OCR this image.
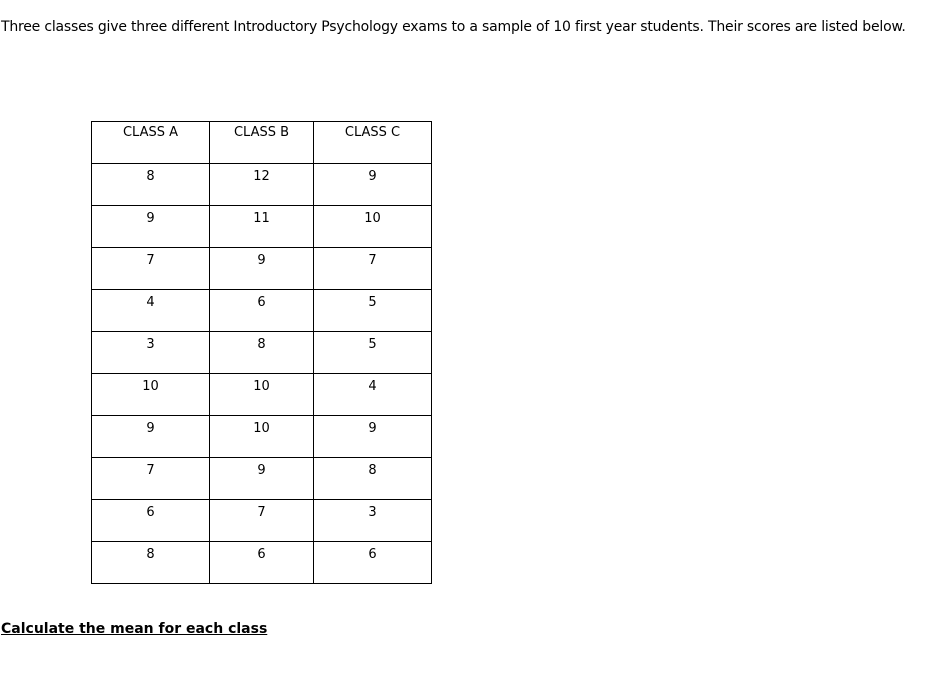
Three classes give three different Introductory Psychology exams to a sample of 10 first year students. Their scores are listed below.

CLASS A	CLASS B	CLASS C

8	12	9

9	11	10

7	9	7

4	6	5

3	8	5

10	10	4

9	10	9

7	9	8

6	7	3

8	6	6

Calculate the mean for each class
